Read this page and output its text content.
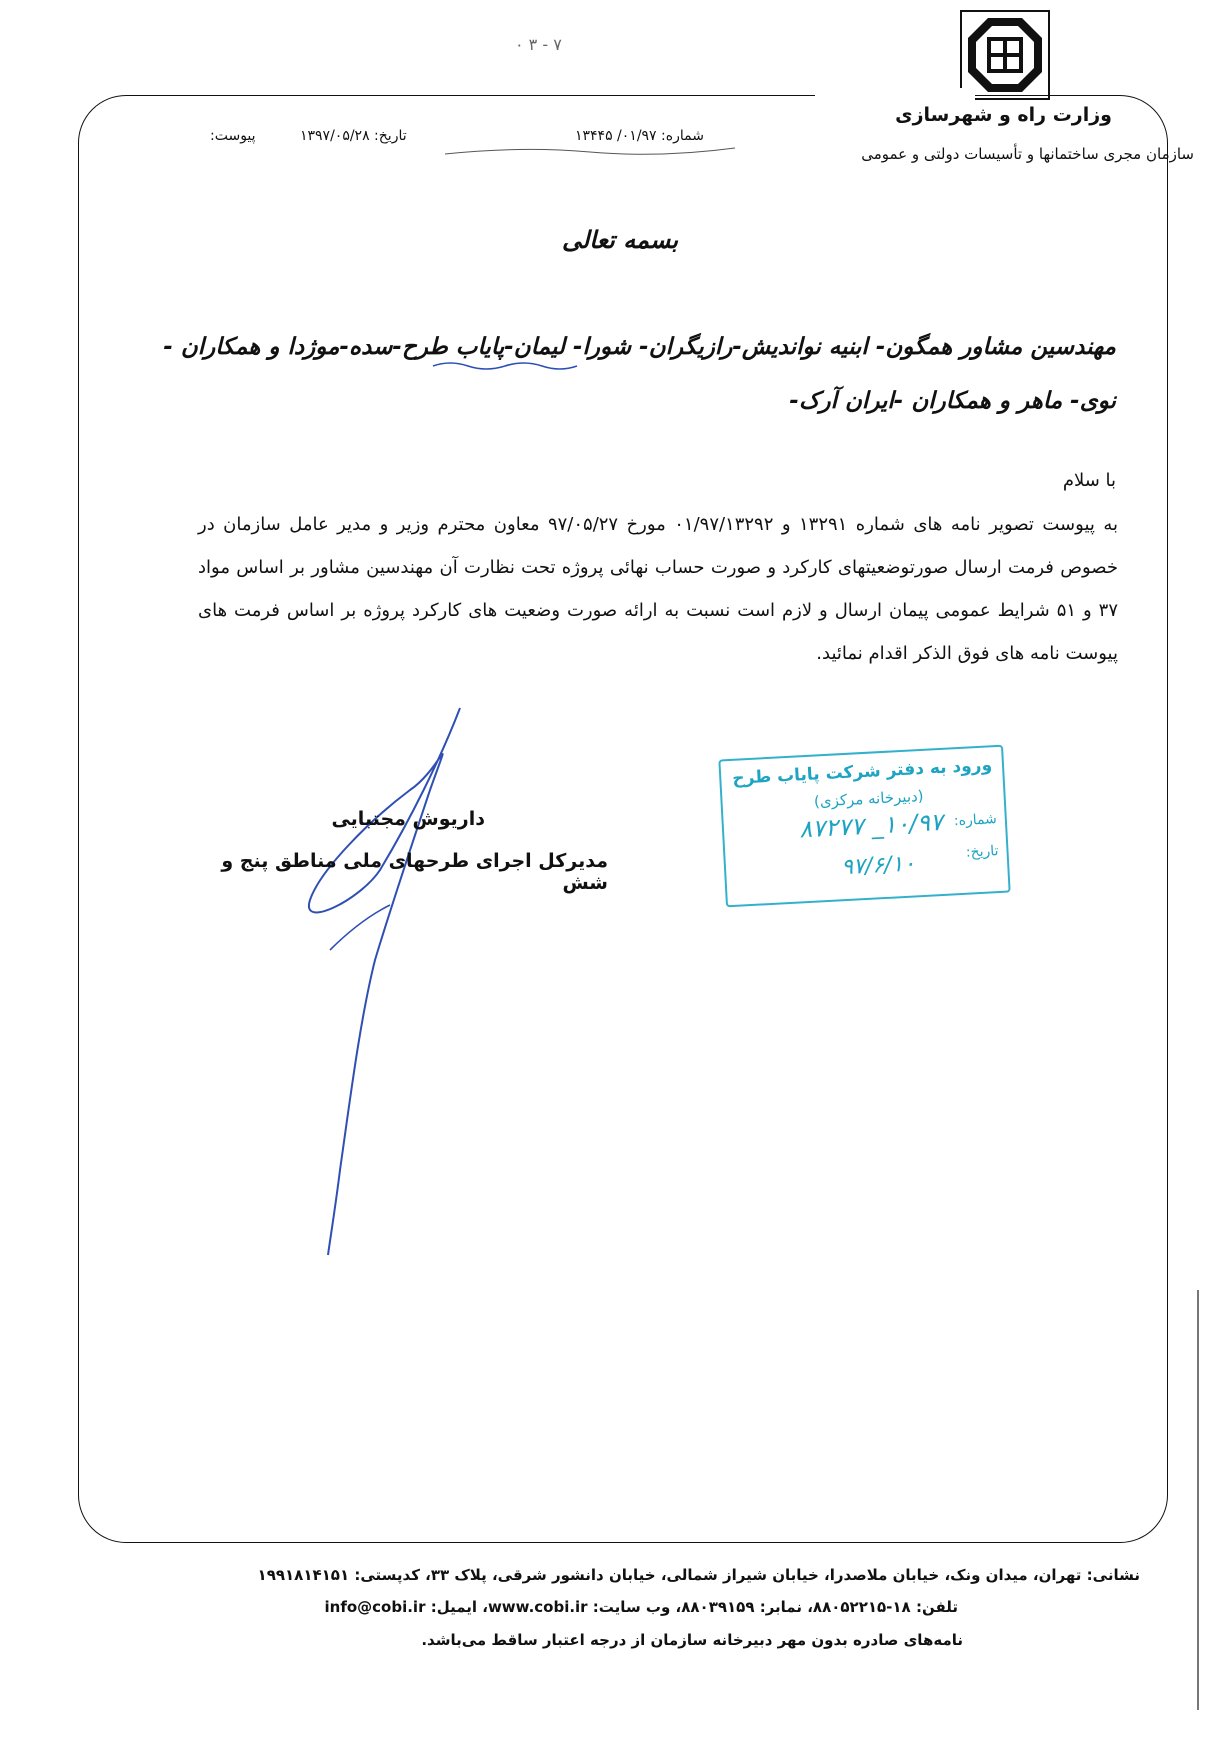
۰ ۳ - ۷
وزارت راه و شهرسازی
سازمان مجری ساختمانها و تأسیسات دولتی و عمومی
شماره: ۰۱/۹۷/ ۱۳۴۴۵
تاریخ: ۱۳۹۷/۰۵/۲۸
پیوست:
بسمه تعالی
مهندسین مشاور همگون- ابنیه نواندیش-رازیگران- شورا- لیمان-پایاب طرح-سده-موژدا و همکاران -
نوی- ماهر و همکاران -ایران آرک-
با سلام
به پیوست تصویر نامه های شماره ۱۳۲۹۱ و ۰۱/۹۷/۱۳۲۹۲ مورخ ۹۷/۰۵/۲۷ معاون محترم وزیر و مدیر عامل سازمان در خصوص فرمت ارسال صورتوضعیتهای کارکرد و صورت حساب نهائی پروژه تحت نظارت آن مهندسین مشاور بر اساس مواد ۳۷ و ۵۱ شرایط عمومی پیمان ارسال و لازم است نسبت به ارائه صورت وضعیت های کارکرد پروژه بر اساس فرمت های پیوست نامه های فوق الذکر اقدام نمائید.
ورود به دفتر شرکت پایاب طرح
(دبیرخانه مرکزی)
شماره:
تاریخ:
۱۰/۹۷_ ۸۷۲۷۷
۹۷/۶/۱۰
داریوش مجتبایی
مدیرکل اجرای طرحهای ملی مناطق پنج و شش
نشانی: تهران، میدان ونک، خیابان ملاصدرا، خیابان شیراز شمالی، خیابان دانشور شرقی، پلاک ۳۳، کدپستی: ۱۹۹۱۸۱۴۱۵۱
تلفن: ۱۸-۸۸۰۵۲۲۱۵، نمابر: ۸۸۰۳۹۱۵۹، وب سایت: www.cobi.ir، ایمیل: info@cobi.ir
نامه‌های صادره بدون مهر دبیرخانه سازمان از درجه اعتبار ساقط می‌باشد.
